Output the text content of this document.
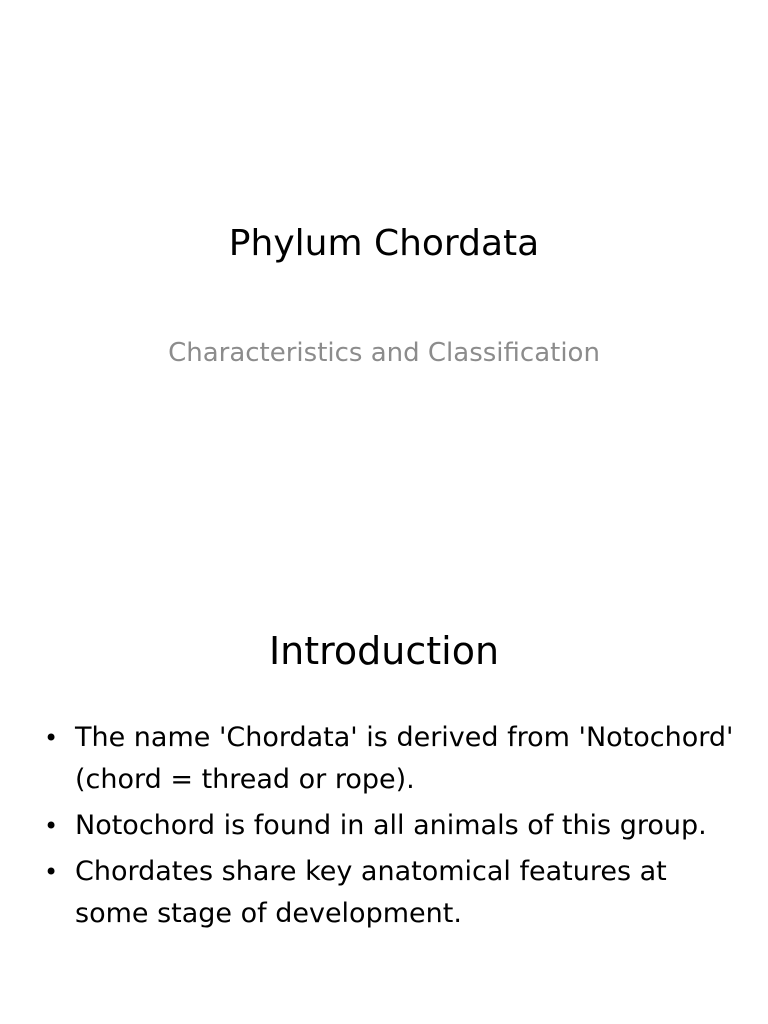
Phylum Chordata

Characteristics and Classification

Introduction
• The name 'Chordata' is derived from 'Notochord' (chord = thread or rope).
• Notochord is found in all animals of this group.
• Chordates share key anatomical features at some stage of development.
